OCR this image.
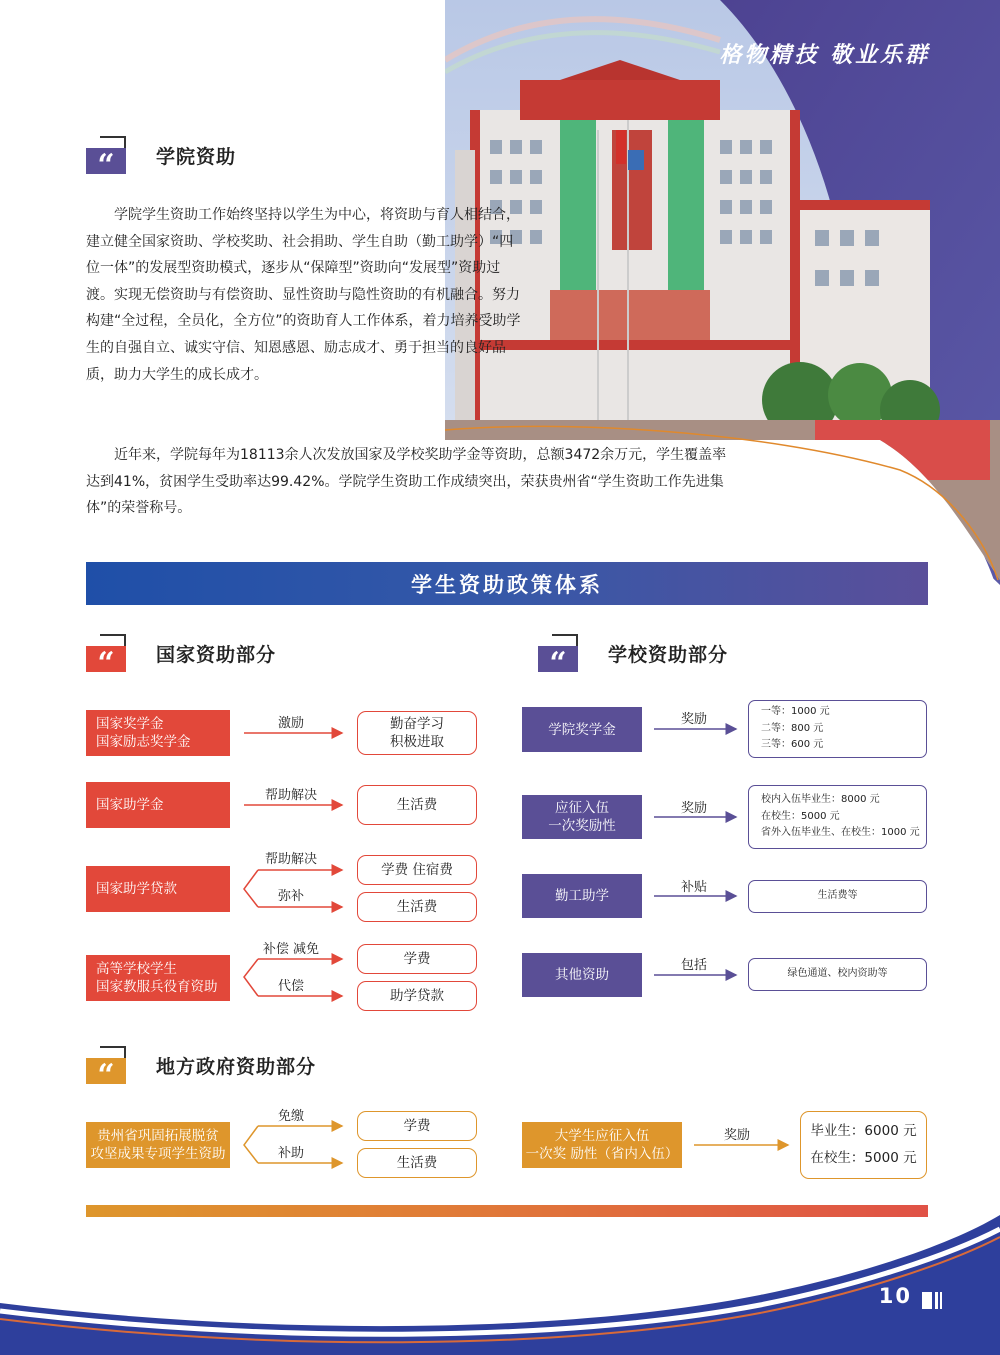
格物精技 敬业乐群
“	学院资助

学院学生资助工作始终坚持以学生为中心，将资助与育人相结合，建立健全国家资助、学校奖助、社会捐助、学生自助（勤工助学）“四位一体”的发展型资助模式，逐步从“保障型”资助向“发展型”资助过渡。实现无偿资助与有偿资助、显性资助与隐性资助的有机融合。努力构建“全过程，全员化，全方位”的资助育人工作体系，着力培养受助学生的自强自立、诚实守信、知恩感恩、励志成才、勇于担当的良好品质，助力大学生的成长成才。

近年来，学院每年为18113余人次发放国家及学校奖助学金等资助，总额3472余万元，学生覆盖率达到41%，贫困学生受助率达99.42%。学院学生资助工作成绩突出，荣获贵州省“学生资助工作先进集体”的荣誉称号。

学生资助政策体系
“	国家资助部分	“	学校资助部分
“	地方政府资助部分
国家奖学金
国家励志奖学金
激励	勤奋学习
积极进取
国家助学金
帮助解决
生活费
国家助学贷款
帮助解决
学费 住宿费
弥补
生活费
高等学校学生
国家教服兵役育资助
补偿 减免
学费
代偿
助学贷款
学院奖学金
奖励
一等：1000 元
二等：800 元
三等：600 元
应征入伍
一次奖励性
奖励
校内入伍毕业生：8000 元
在校生：5000 元
省外入伍毕业生、在校生：1000 元
勤工助学
补贴
生活费等
其他资助
包括
绿色通道、校内资助等
贵州省巩固拓展脱贫
攻坚成果专项学生资助
免缴
学费
补助
生活费
大学生应征入伍
一次奖 励性（省内入伍）
奖励	毕业生：6000 元
在校生：5000 元
10
